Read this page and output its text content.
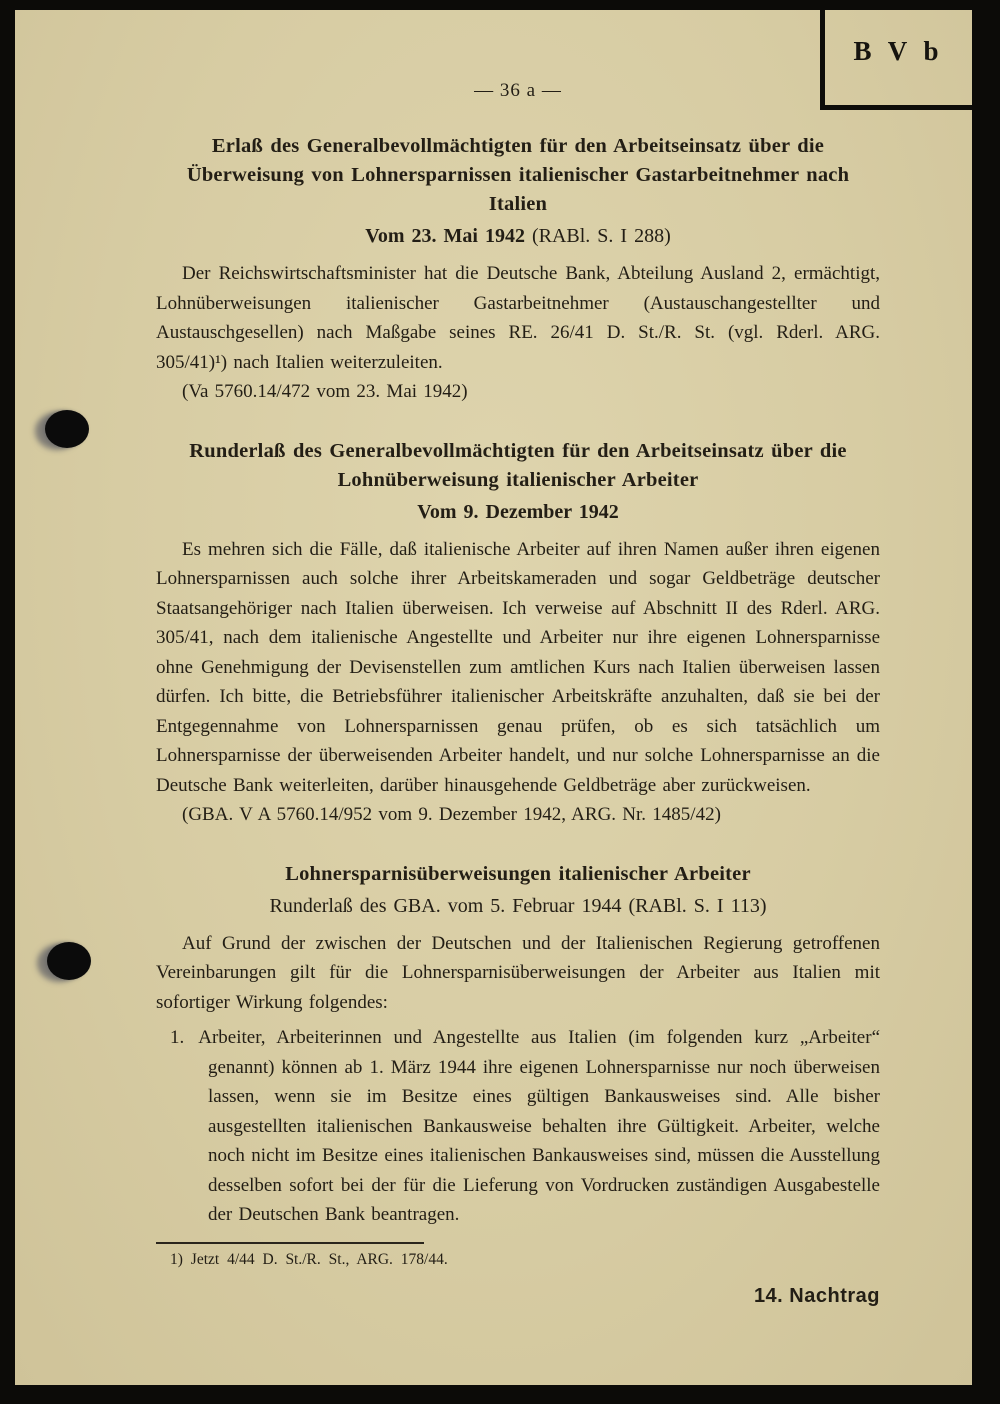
B V b
— 36 a —
Erlaß des Generalbevollmächtigten für den Arbeitseinsatz über die Überweisung von Lohnersparnissen italienischer Gastarbeitnehmer nach Italien
Vom 23. Mai 1942 (RABl. S. I 288)

Der Reichswirtschaftsminister hat die Deutsche Bank, Abteilung Ausland 2, ermächtigt, Lohnüberweisungen italienischer Gastarbeitnehmer (Austauschangestellter und Austauschgesellen) nach Maßgabe seines RE. 26/41 D. St./R. St. (vgl. Rderl. ARG. 305/41)¹) nach Italien weiterzuleiten.

(Va 5760.14/472 vom 23. Mai 1942)

Runderlaß des Generalbevollmächtigten für den Arbeitseinsatz über die Lohnüberweisung italienischer Arbeiter
Vom 9. Dezember 1942

Es mehren sich die Fälle, daß italienische Arbeiter auf ihren Namen außer ihren eigenen Lohnersparnissen auch solche ihrer Arbeitskameraden und sogar Geldbeträge deutscher Staatsangehöriger nach Italien überweisen. Ich verweise auf Abschnitt II des Rderl. ARG. 305/41, nach dem italienische Angestellte und Arbeiter nur ihre eigenen Lohnersparnisse ohne Genehmigung der Devisenstellen zum amtlichen Kurs nach Italien überweisen lassen dürfen. Ich bitte, die Betriebsführer italienischer Arbeitskräfte anzuhalten, daß sie bei der Entgegennahme von Lohnersparnissen genau prüfen, ob es sich tatsächlich um Lohnersparnisse der überweisenden Arbeiter handelt, und nur solche Lohnersparnisse an die Deutsche Bank weiterleiten, darüber hinausgehende Geldbeträge aber zurückweisen.

(GBA. V A 5760.14/952 vom 9. Dezember 1942, ARG. Nr. 1485/42)

Lohnersparnisüberweisungen italienischer Arbeiter
Runderlaß des GBA. vom 5. Februar 1944 (RABl. S. I 113)

Auf Grund der zwischen der Deutschen und der Italienischen Regierung getroffenen Vereinbarungen gilt für die Lohnersparnisüberweisungen der Arbeiter aus Italien mit sofortiger Wirkung folgendes:

1. Arbeiter, Arbeiterinnen und Angestellte aus Italien (im folgenden kurz „Arbeiter“ genannt) können ab 1. März 1944 ihre eigenen Lohnersparnisse nur noch überweisen lassen, wenn sie im Besitze eines gültigen Bankausweises sind. Alle bisher ausgestellten italienischen Bankausweise behalten ihre Gültigkeit. Arbeiter, welche noch nicht im Besitze eines italienischen Bankausweises sind, müssen die Ausstellung desselben sofort bei der für die Lieferung von Vordrucken zuständigen Ausgabestelle der Deutschen Bank beantragen.

1) Jetzt 4/44 D. St./R. St., ARG. 178/44.
14. Nachtrag
